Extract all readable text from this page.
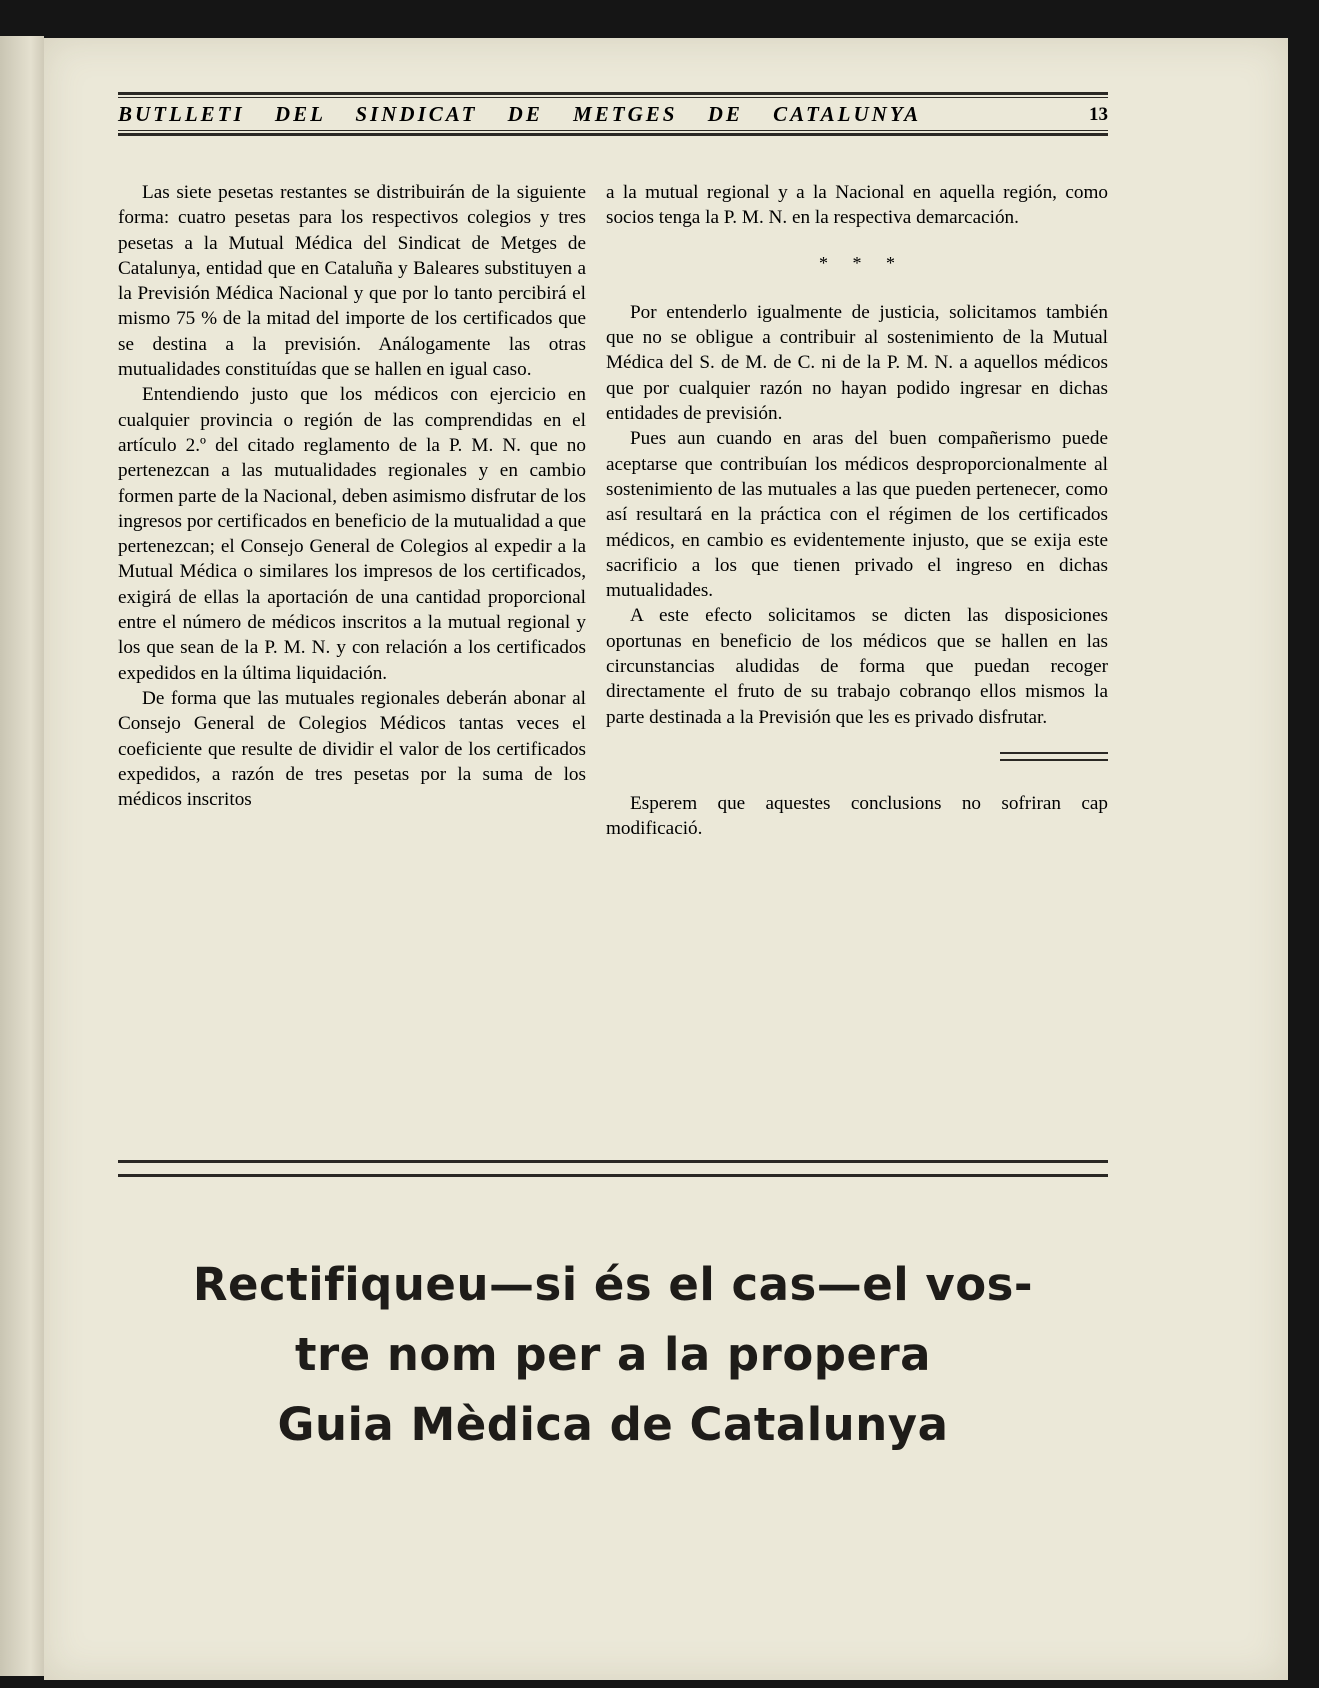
BUTLLETI DEL SINDICAT DE METGES DE CATALUNYA	13

Las siete pesetas restantes se distribuirán de la siguiente forma: cuatro pesetas para los respectivos colegios y tres pesetas a la Mutual Médica del Sindicat de Metges de Catalunya, entidad que en Cataluña y Baleares substituyen a la Previsión Médica Nacional y que por lo tanto percibirá el mismo 75 % de la mitad del importe de los certificados que se destina a la previsión. Análogamente las otras mutualidades constituídas que se hallen en igual caso.

Entendiendo justo que los médicos con ejercicio en cualquier provincia o región de las comprendidas en el artículo 2.º del citado reglamento de la P. M. N. que no pertenezcan a las mutualidades regionales y en cambio formen parte de la Nacional, deben asimismo disfrutar de los ingresos por certificados en beneficio de la mutualidad a que pertenezcan; el Consejo General de Colegios al expedir a la Mutual Médica o similares los impresos de los certificados, exigirá de ellas la aportación de una cantidad proporcional entre el número de médicos inscritos a la mutual regional y los que sean de la P. M. N. y con relación a los certificados expedidos en la última liquidación.

De forma que las mutuales regionales deberán abonar al Consejo General de Colegios Médicos tantas veces el coeficiente que resulte de dividir el valor de los certificados expedidos, a razón de tres pesetas por la suma de los médicos inscritos

a la mutual regional y a la Nacional en aquella región, como socios tenga la P. M. N. en la respectiva demarcación.

* * *

Por entenderlo igualmente de justicia, solicitamos también que no se obligue a contribuir al sostenimiento de la Mutual Médica del S. de M. de C. ni de la P. M. N. a aquellos médicos que por cualquier razón no hayan podido ingresar en dichas entidades de previsión.

Pues aun cuando en aras del buen compañerismo puede aceptarse que contribuían los médicos desproporcionalmente al sostenimiento de las mutuales a las que pueden pertenecer, como así resultará en la práctica con el régimen de los certificados médicos, en cambio es evidentemente injusto, que se exija este sacrificio a los que tienen privado el ingreso en dichas mutualidades.

A este efecto solicitamos se dicten las disposiciones oportunas en beneficio de los médicos que se hallen en las circunstancias aludidas de forma que puedan recoger directamente el fruto de su trabajo cobranqo ellos mismos la parte destinada a la Previsión que les es privado disfrutar.

Esperem que aquestes conclusions no sofriran cap modificació.

Rectifiqueu—si és el cas—el vos-
tre nom per a la propera
Guia Mèdica de Catalunya
